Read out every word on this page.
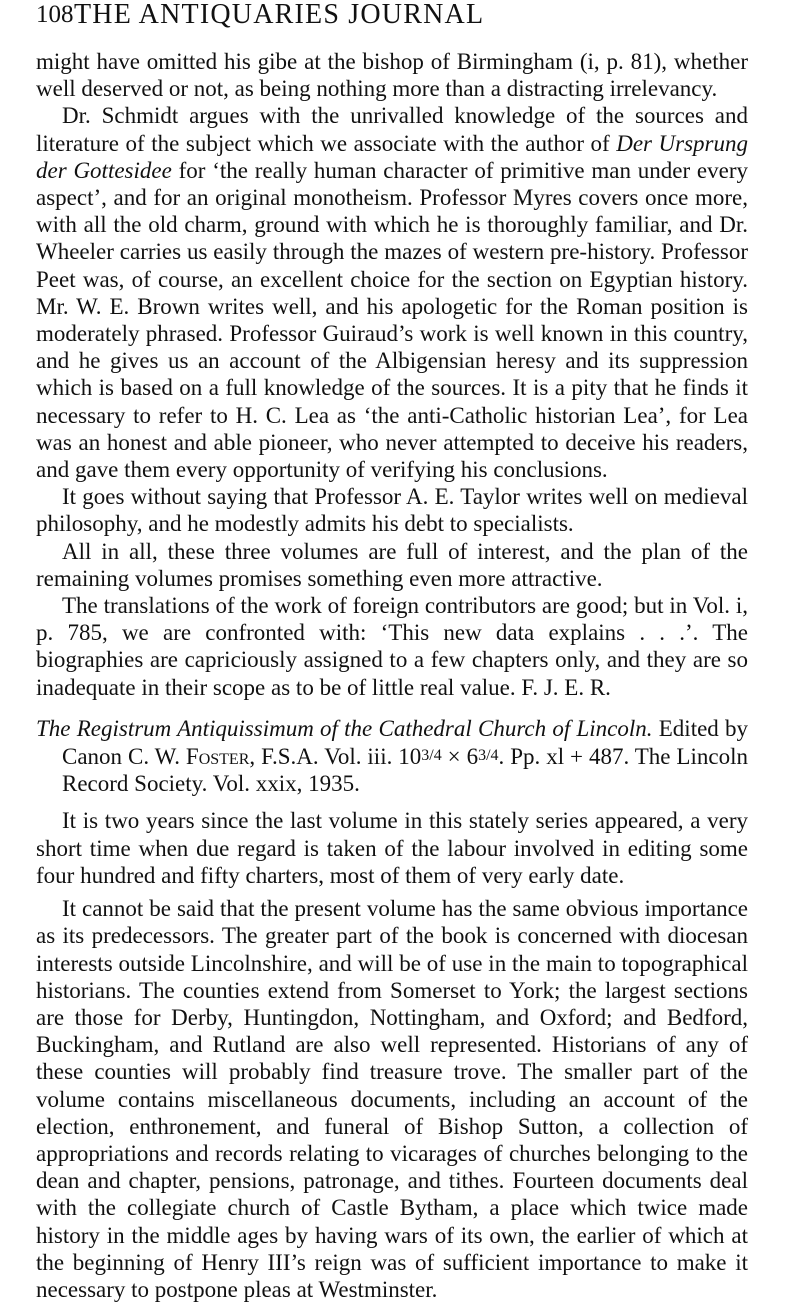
108 THE ANTIQUARIES JOURNAL

might have omitted his gibe at the bishop of Birmingham (i, p. 81), whether well deserved or not, as being nothing more than a distracting irrelevancy.

Dr. Schmidt argues with the unrivalled knowledge of the sources and literature of the subject which we associate with the author of Der Ursprung der Gottesidee for ‘the really human character of primitive man under every aspect’, and for an original monotheism. Professor Myres covers once more, with all the old charm, ground with which he is thoroughly familiar, and Dr. Wheeler carries us easily through the mazes of western pre-history. Professor Peet was, of course, an excellent choice for the section on Egyptian history. Mr. W. E. Brown writes well, and his apologetic for the Roman position is moderately phrased. Professor Guiraud’s work is well known in this country, and he gives us an account of the Albigensian heresy and its suppression which is based on a full knowledge of the sources. It is a pity that he finds it necessary to refer to H. C. Lea as ‘the anti-Catholic historian Lea’, for Lea was an honest and able pioneer, who never attempted to deceive his readers, and gave them every opportunity of verifying his conclusions.

It goes without saying that Professor A. E. Taylor writes well on medieval philosophy, and he modestly admits his debt to specialists.

All in all, these three volumes are full of interest, and the plan of the remaining volumes promises something even more attractive.

The translations of the work of foreign contributors are good; but in Vol. i, p. 785, we are confronted with: ‘This new data explains . . .’. The biographies are capriciously assigned to a few chapters only, and they are so inadequate in their scope as to be of little real value. F. J. E. R.

The Registrum Antiquissimum of the Cathedral Church of Lincoln. Edited by Canon C. W. Foster, F.S.A. Vol. iii. 103/4 × 63/4. Pp. xl + 487. The Lincoln Record Society. Vol. xxix, 1935.

It is two years since the last volume in this stately series appeared, a very short time when due regard is taken of the labour involved in editing some four hundred and fifty charters, most of them of very early date.

It cannot be said that the present volume has the same obvious importance as its predecessors. The greater part of the book is concerned with diocesan interests outside Lincolnshire, and will be of use in the main to topographical historians. The counties extend from Somerset to York; the largest sections are those for Derby, Huntingdon, Nottingham, and Oxford; and Bedford, Buckingham, and Rutland are also well represented. Historians of any of these counties will probably find treasure trove. The smaller part of the volume contains miscellaneous documents, including an account of the election, enthronement, and funeral of Bishop Sutton, a collection of appropriations and records relating to vicarages of churches belonging to the dean and chapter, pensions, patronage, and tithes. Fourteen documents deal with the collegiate church of Castle Bytham, a place which twice made history in the middle ages by having wars of its own, the earlier of which at the beginning of Henry III’s reign was of sufficient importance to make it necessary to postpone pleas at Westminster.
